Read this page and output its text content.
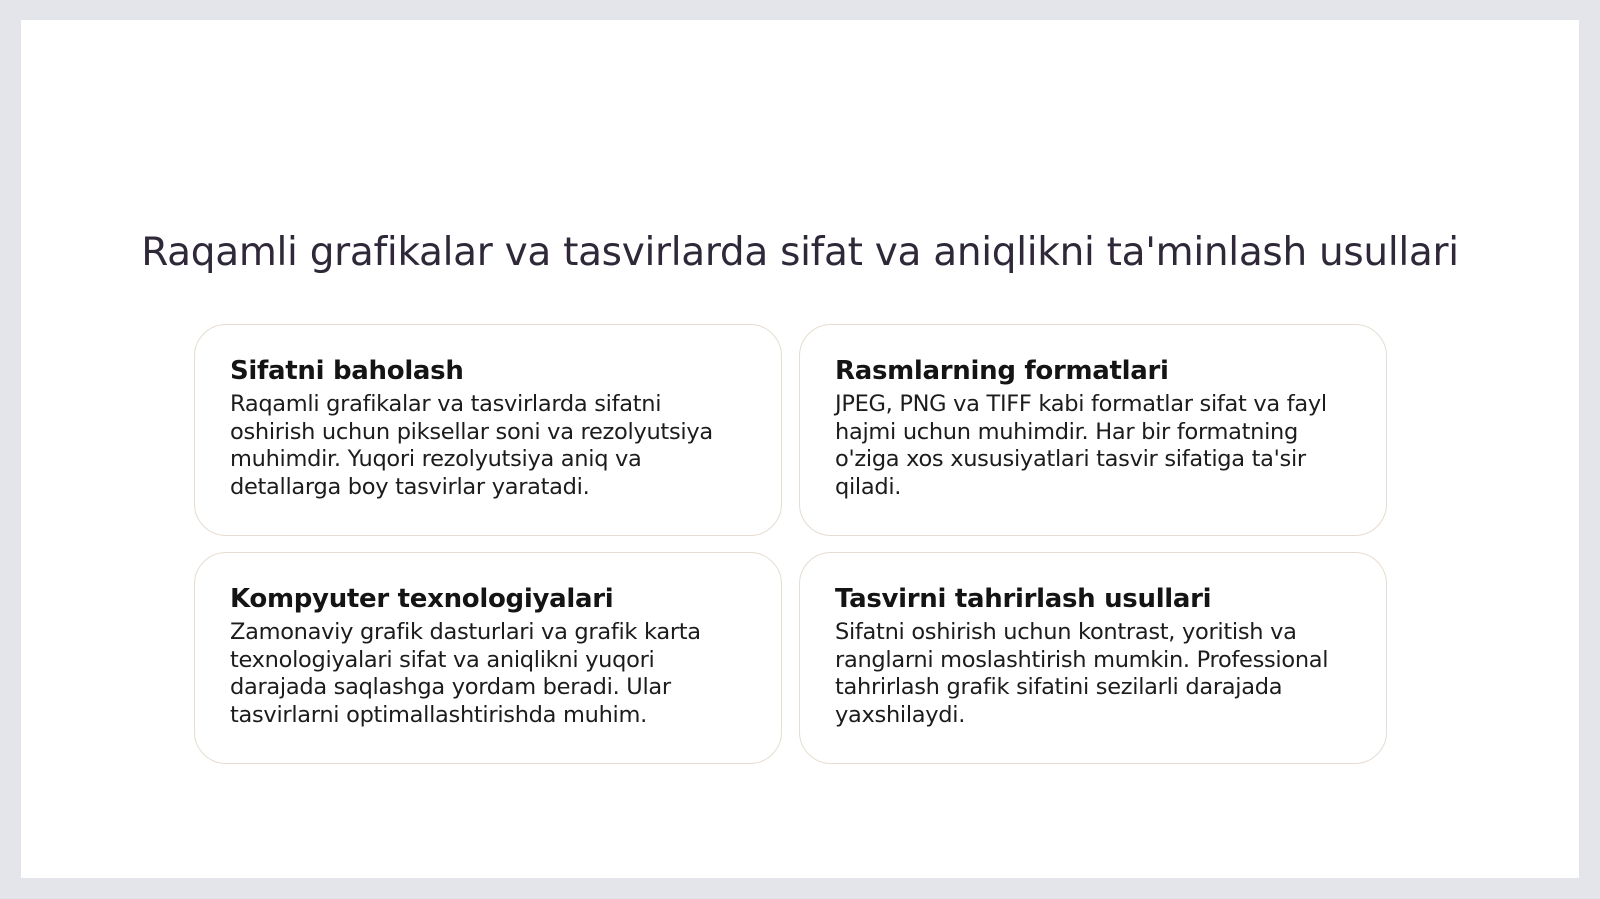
Raqamli grafikalar va tasvirlarda sifat va aniqlikni ta'minlash usullari
Sifatni baholash

Raqamli grafikalar va tasvirlarda sifatni oshirish uchun piksellar soni va rezolyutsiya muhimdir. Yuqori rezolyutsiya aniq va detallarga boy tasvirlar yaratadi.

Rasmlarning formatlari

JPEG, PNG va TIFF kabi formatlar sifat va fayl hajmi uchun muhimdir. Har bir formatning o'ziga xos xususiyatlari tasvir sifatiga ta'sir qiladi.

Kompyuter texnologiyalari

Zamonaviy grafik dasturlari va grafik karta texnologiyalari sifat va aniqlikni yuqori darajada saqlashga yordam beradi. Ular tasvirlarni optimallashtirishda muhim.

Tasvirni tahrirlash usullari

Sifatni oshirish uchun kontrast, yoritish va ranglarni moslashtirish mumkin. Professional tahrirlash grafik sifatini sezilarli darajada yaxshilaydi.
